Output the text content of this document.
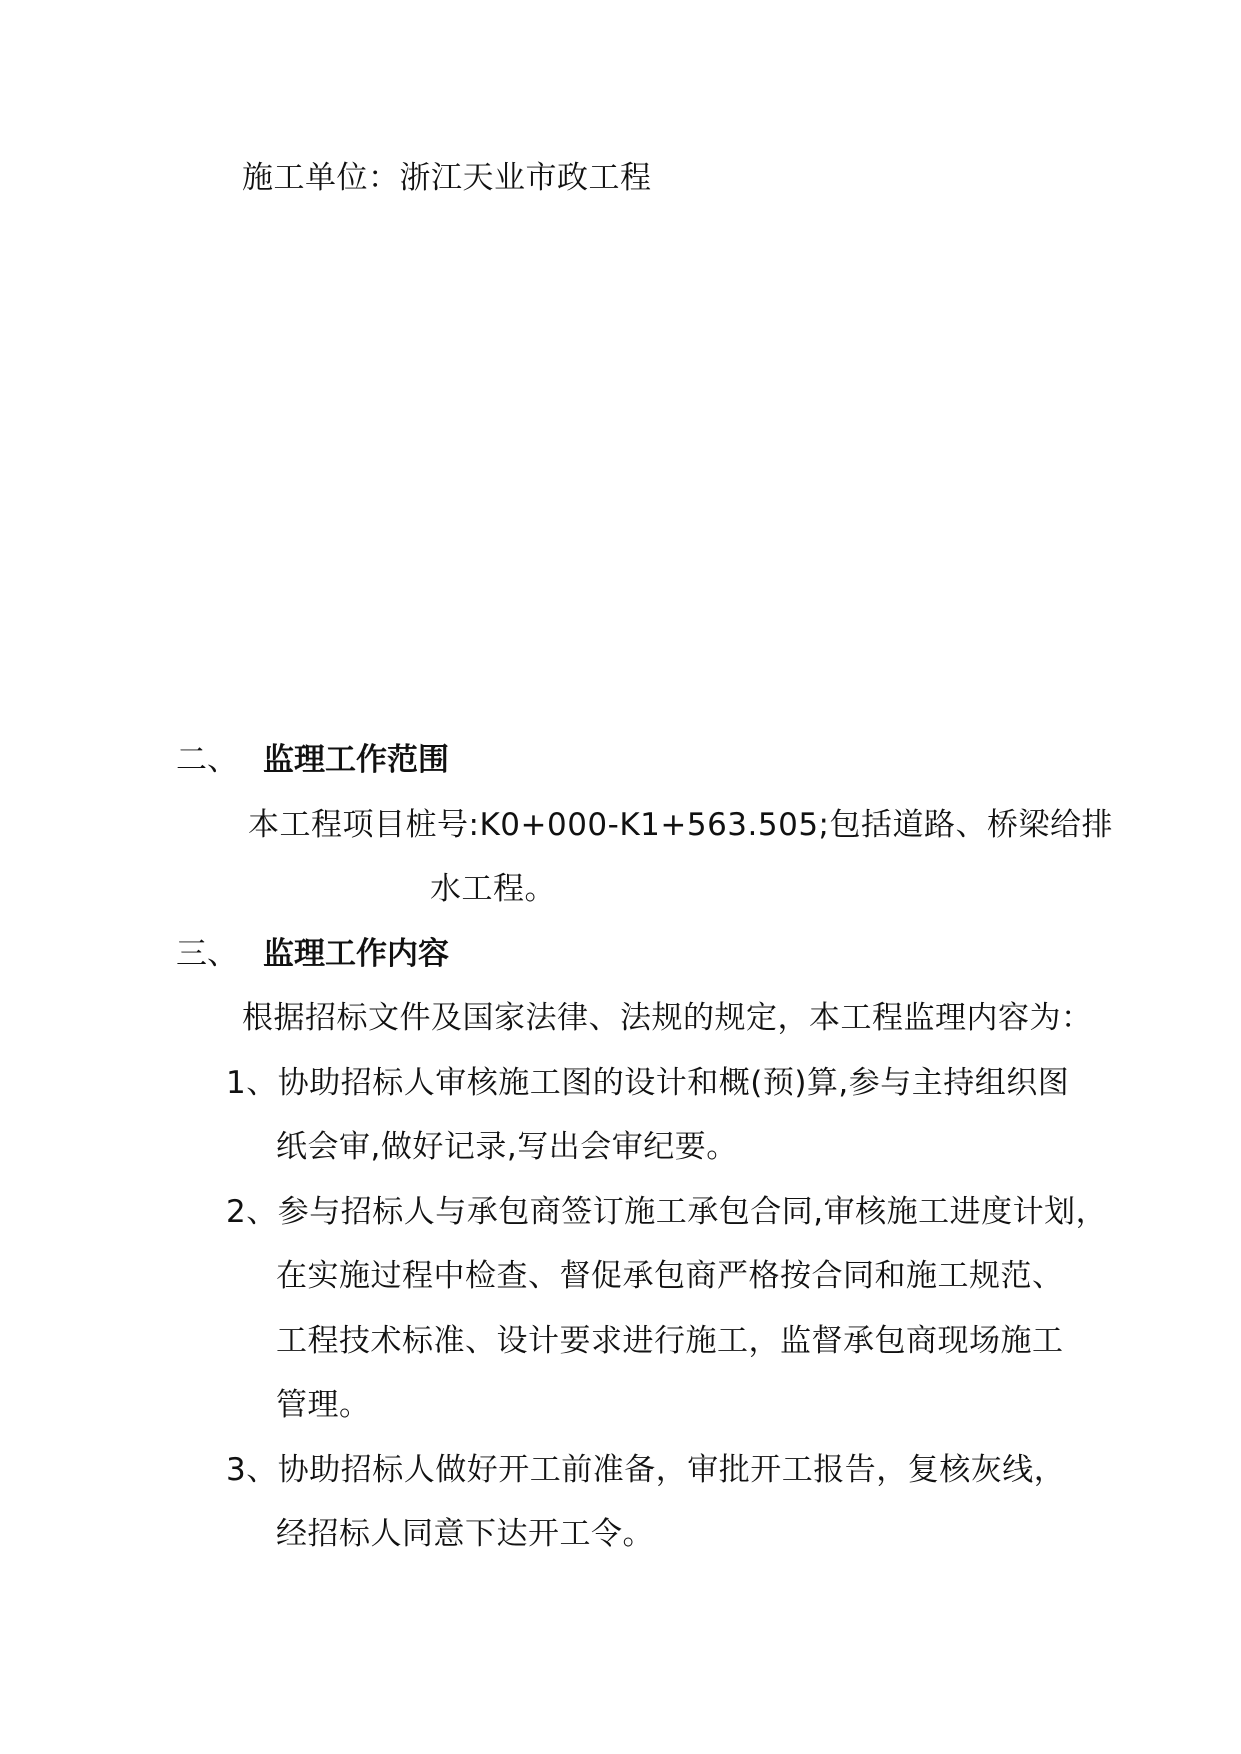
施工单位：浙江天业市政工程
二、 监理工作范围
本工程项目桩号:K0+000-K1+563.505;包括道路、桥梁给排
水工程。
三、 监理工作内容
根据招标文件及国家法律、法规的规定，本工程监理内容为：
1、协助招标人审核施工图的设计和概(预)算,参与主持组织图
纸会审,做好记录,写出会审纪要。
2、参与招标人与承包商签订施工承包合同,审核施工进度计划，
在实施过程中检查、督促承包商严格按合同和施工规范、
工程技术标准、设计要求进行施工，监督承包商现场施工
管理。
3、协助招标人做好开工前准备，审批开工报告，复核灰线，
经招标人同意下达开工令。
